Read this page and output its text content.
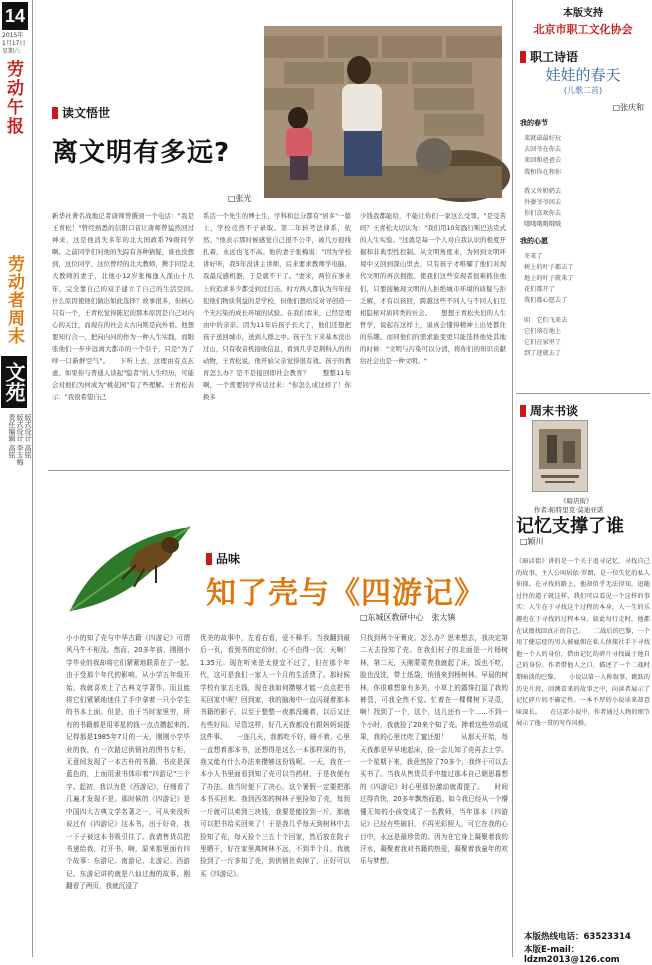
14
2015年
1月17日
星期六
劳动午报
劳动者周末
文苑
版式设计 高铭
版式设计 李玉梅
责任编辑 高铭
读文悟世
离文明有多远?
□张光
新华社著名战地记者唐师曾撰到一个电话："我是王青松！"曾经熟悉的信阳口音让唐师曾猛然回过神来，这是他消失多年的北大国政系79级同学啊。之前同学们对他的失踪有各种猜疑，谁也没想到，这位同学，这位曾经的北大教师，携手同是北大教师的妻子，北他小12岁张梅逸入深山十几年，完全靠自己的双手建立了自己的生活空间。　　什么原因使他们做出如此选择？故事很多，但核心只有一个，王青松觉得陈尼的那本原因是自己对内心的关注，而现在的社会太古向则是向外看。他想要知行合一，把向内问的作为一种人生实践，而眼张他们一步步远离大都市的一个引子，只是"为了呼一口新鲜空气"。　　下听上去，这理由有点玄虚。如果你与普通人谈起"隐者"的人生经历，可能会对他们为何成为"桃花园"有了些理解。王青松表示："我很希望自己
系活一个先生的博士生，学科和总分都有"居多"一篇上，学校竞然不子录取。第二年转考法律系，依然。"他表示那时候感觉自己很不公平，被几方很线扎着，永远也飞不高。他的妻子张梅说："因为学校讲好听，我5年没讲主讲师，后来要求教师学电脑，我最反感机器，于是就不干了。"妻来，两位在事业上的追求多少都受到过打击。时方两人都认为当年侵犯他们物质利益的是学校，但他们想给反对寻创造一个无污染的成长环境的试验。在我们看来，已经是理由中的亲亲。因为11年后孩子长大了，他们还想把孩子送回城市，送到人群之中。孩子生下来基本没出过山，只有收音机接收信息，看到几乎是荆科人的的动物，王青松说，他开始父亲觉得很有效。孩子的教育怎么办？是不是接回即社会教育？　　整整11年啊，一个需要同学传话过来："你怎么成这样了！你换多
少钱我都能给，不能让你们一家这么受罪。"是受苦吗？王青松大切认为："我们用10年践行斯巴达克式的人生实验。"这就是每一个人对自我认识的极度开掘和非典型性控制。从文明角度来，为何到文明环境中又回到深山里去，只有孩子才唯耀了他们对现代文明的再次拥抱。使我们这些安现者很难抓住他们，只要接触现文明的人拒绝城市环境的质疑与拒乏解，才有以孩回，跨越这些不同人与不同人们互相隐秘对质同类的社会。　　想想王青松夫妇的人生哲学，说起在这样上，说真会懂得精神上出处都住的乐趣。而同他们的需求能变更只能选择他处其地的时候："文明与污染可以分清，将你们的知识贡献给社会也是一种文明。"
品味
知了壳与《四游记》
□东城区教研中心　张大镇
小小的知了壳与中华古籍《四游记》可谓风马牛不相及。然而，20多年前，刚刚小学毕业的我却将它们紧紧地联系在了一起。　　由于受那个年代的影响，从小学五年级开始，我就喜欢上了古典文学著作，而且能将它们紧紧地迷住了手中拿着一只小学生的书本上面。但是，由于当时家里穷，所有的书籍都是用零星的钱一点点攒起来的。　　记得那是1985年7月的一天，刚刚小学毕业的我，有一次路过供销社的图书专柜，无意间发现了一本古朴的书籍，书皮是深蓝色的，上面用隶书体印着"四游记"三个字。起初，我以为是《西游记》，仔细看了几遍才发现不是。那时候的《四游记》是中国四大古典文学名著之一，可从来没听说过有《四游记》这本书。出于好奇，我一下子被这本书吸引住了。我请售货员把书递给我，打开书，啊，原来那里面有四个故事：东游记、南游记、北游记、西游记。东游记讲的就是八仙过海的故事，刚翻看了两页，我就沉浸了
优美的故事中，左看右看，爱不释手。当我翻到最后一页，看到书的定价时，心不由得一沉：天啊！1.35元。现在听来是太便宜不过了，但在那个年代，这可是我们一家人一个月的生活费了。那时候学校有家五毛钱，现在我如何攒够才能一点点把书买回家中呢？回到家，我的脑海中一直闪现着那本书籍的影子，以至于整整一夜都没睡着，以后又还有些好闷。尽管这样，好几天我都没有跟妈妈说提这件事。　　一连几天，我都吃不好，睡不着，心里一直想着那本书，还想得是这么一本那样深的书，我又能有什么办法来攒够这份钱呢。一天，我在一本小人书里面看到知了壳可以当药材，于是我便有了办法。我当时便下了决心，这个暑假一定要把那本书买回来。我到西郊的树林子里捡知了壳，每到一斤就可以卖到三块钱，我要是能捡到一斤，那就可以把书给买回来了！于是我几乎每天到树林中去捡知了壳，每天捡个三五十个回家，然后放在院子里晒干，好在家里离树林不远，不到半个月，我就捡到了一斤多知了壳，到供销社卖掉了，正好可以买《四游记》。
只找到两个牙膏皮。怎么办？思来想去，我决定第二天去捡知了壳。在我们村子的北面是一片杨树林，第二天，天刚蒙蒙亮我就起了床，饭也不吃，脸也没洗，带上纸袋，悄悄来到杨树林。早晨的树林，你很难想象有多美，小草上的露珠打湿了我的裤管，可我全然不觉。忙着在一棵棵树下寻觅，啊！找到了一个，这个，这儿还有一个……不到一个小时，我就捡了20来个知了壳。捧着这些劳动成果，我的心里比吃了蜜还甜！　　从那天开始，每天我都是早早地起床，捡一会儿知了壳再去上学。一个星期下来，我竟然捡了70多个，我终于可以去买书了。当我从售货员手中接过那本自己朝思暮想的《四游记》时心里那份激动就甭提了。　　时间过得真快，20多年飘然而逝。如今我已经从一个懵懂无知的小孩变成了一名教师，当年那本《四游记》已经有些破旧，不再光彩照人，可它在我的心目中，永远是最珍贵的。因为在它身上凝聚着我的汗水，凝聚着我对书籍的热爱，凝聚着我童年的欢乐与梦想。
本版支持
北京市职工文化协会
职工诗语
娃娃的春天
(儿歌二首)
□张庆和
我的春节
菜就最最好玩
去回爷在你去
来回和爸爸去
我和你在和你
我又外奶奶去
外婆爷爷问去
你们喜欢你去
哦哦哦哦哦哦
我的心愿
冬来了
树上的叶子都去了
地上的叶子就来了
花们都开了
我们都心愿去了
咱　它们飞来去
它们落在地上
它们在家里了
到了迷就去了
周末书谈
《暗店街》
作者:帕特里克·莫迪亚诺
记忆支撑了谁
□颖川
《暗店街》讲的是一个关于追寻记忆、寻找自己的故事。主人公叫居依·罗朗，是一位失忆的私人侦探。在寻找的路上，他却似乎无法得知，追随过往的道子就这样，我们可以看见一个这样的事实：人生在于寻找这个过程的本身，人一生的乐趣也在于寻找的过程本身。如此每行走时，他都在试图找回真正的自己。　　二战后的巴黎，一个用了健忘症的男人被雇佣在私人侦探社手下寻找他一个人的身份，借由记忆的碎片寻找属于他自己的身份。作者借他人之口，描述了一个二战时期暗淡的巴黎。　　小说以第一人称叙事，跳跃的历史片段，回溯看来的故事之中，向读者展示了记忆碎片的不确定性。一本不厚的小说读来却意味深长。　　在这部小说中，作者通过人物的细节展示了他一贯的写作风格。
本版热线电话：63523314
本版E-mail：ldzm2013@126.com
